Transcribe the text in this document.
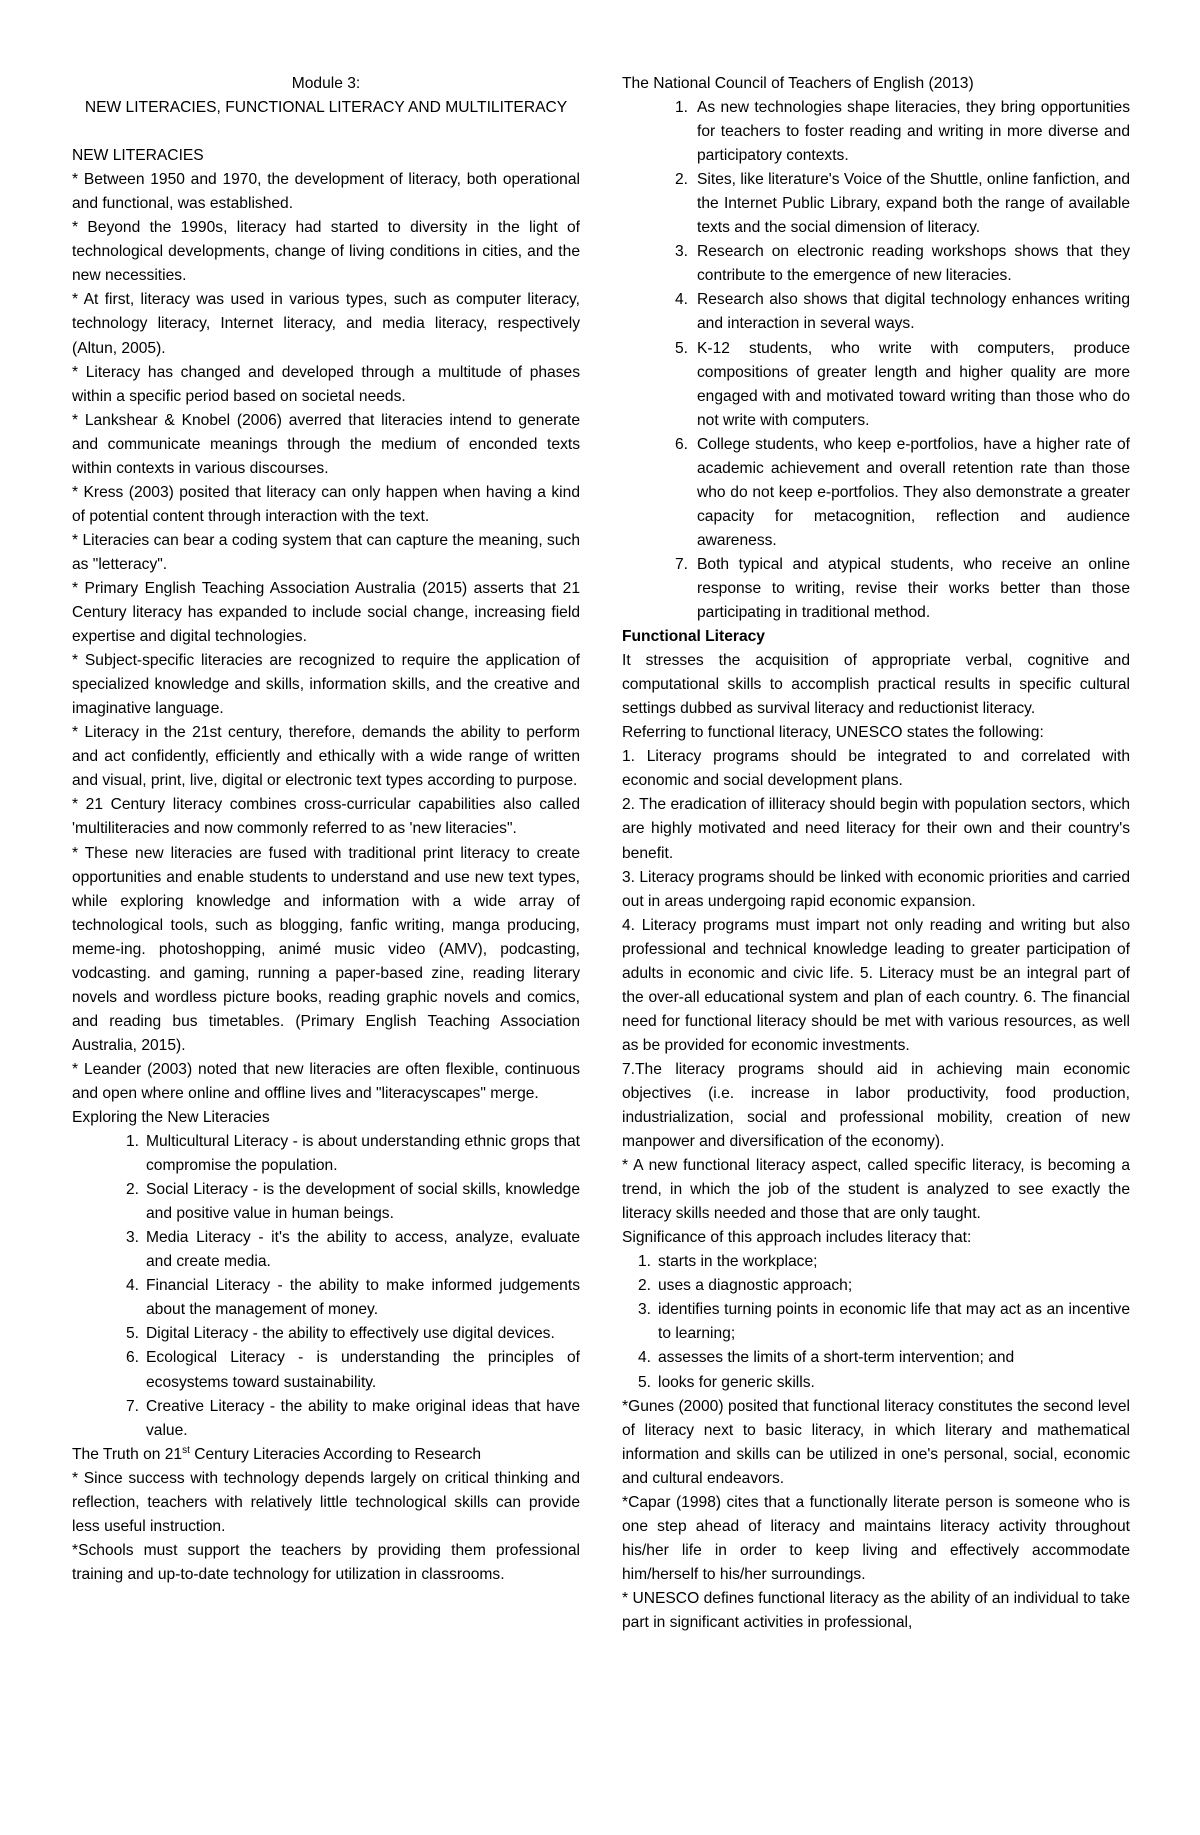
Module 3:

NEW LITERACIES, FUNCTIONAL LITERACY AND MULTILITERACY

NEW LITERACIES

* Between 1950 and 1970, the development of literacy, both operational and functional, was established.

* Beyond the 1990s, literacy had started to diversity in the light of technological developments, change of living conditions in cities, and the new necessities.

* At first, literacy was used in various types, such as computer literacy, technology literacy, Internet literacy, and media literacy, respectively (Altun, 2005).

* Literacy has changed and developed through a multitude of phases within a specific period based on societal needs.

* Lankshear & Knobel (2006) averred that literacies intend to generate and communicate meanings through the medium of enconded texts within contexts in various discourses.

* Kress (2003) posited that literacy can only happen when having a kind of potential content through interaction with the text.

* Literacies can bear a coding system that can capture the meaning, such as "letteracy".

* Primary English Teaching Association Australia (2015) asserts that 21 Century literacy has expanded to include social change, increasing field expertise and digital technologies.

* Subject-specific literacies are recognized to require the application of specialized knowledge and skills, information skills, and the creative and imaginative language.

* Literacy in the 21st century, therefore, demands the ability to perform and act confidently, efficiently and ethically with a wide range of written and visual, print, live, digital or electronic text types according to purpose.

* 21 Century literacy combines cross-curricular capabilities also called 'multiliteracies and now commonly referred to as 'new literacies".

* These new literacies are fused with traditional print literacy to create opportunities and enable students to understand and use new text types, while exploring knowledge and information with a wide array of technological tools, such as blogging, fanfic writing, manga producing, meme-ing. photoshopping, animé music video (AMV), podcasting, vodcasting. and gaming, running a paper-based zine, reading literary novels and wordless picture books, reading graphic novels and comics, and reading bus timetables. (Primary English Teaching Association Australia, 2015).

* Leander (2003) noted that new literacies are often flexible, continuous and open where online and offline lives and "literacyscapes" merge.

Exploring the New Literacies

1. Multicultural Literacy - is about understanding ethnic grops that compromise the population.
2. Social Literacy - is the development of social skills, knowledge and positive value in human beings.
3. Media Literacy - it's the ability to access, analyze, evaluate and create media.
4. Financial Literacy - the ability to make informed judgements about the management of money.
5. Digital Literacy - the ability to effectively use digital devices.
6. Ecological Literacy - is understanding the principles of ecosystems toward sustainability.
7. Creative Literacy - the ability to make original ideas that have value.

The Truth on 21st Century Literacies According to Research

* Since success with technology depends largely on critical thinking and reflection, teachers with relatively little technological skills can provide less useful instruction.

*Schools must support the teachers by providing them professional training and up-to-date technology for utilization in classrooms.

The National Council of Teachers of English (2013)

1. As new technologies shape literacies, they bring opportunities for teachers to foster reading and writing in more diverse and participatory contexts.
2. Sites, like literature's Voice of the Shuttle, online fanfiction, and the Internet Public Library, expand both the range of available texts and the social dimension of literacy.
3. Research on electronic reading workshops shows that they contribute to the emergence of new literacies.
4. Research also shows that digital technology enhances writing and interaction in several ways.
5. K-12 students, who write with computers, produce compositions of greater length and higher quality are more engaged with and motivated toward writing than those who do not write with computers.
6. College students, who keep e-portfolios, have a higher rate of academic achievement and overall retention rate than those who do not keep e-portfolios. They also demonstrate a greater capacity for metacognition, reflection and audience awareness.
7. Both typical and atypical students, who receive an online response to writing, revise their works better than those participating in traditional method.

Functional Literacy

It stresses the acquisition of appropriate verbal, cognitive and computational skills to accomplish practical results in specific cultural settings dubbed as survival literacy and reductionist literacy.

Referring to functional literacy, UNESCO states the following:

1. Literacy programs should be integrated to and correlated with economic and social development plans.

2. The eradication of illiteracy should begin with population sectors, which are highly motivated and need literacy for their own and their country's benefit.

3. Literacy programs should be linked with economic priorities and carried out in areas undergoing rapid economic expansion.

4. Literacy programs must impart not only reading and writing but also professional and technical knowledge leading to greater participation of adults in economic and civic life. 5. Literacy must be an integral part of the over-all educational system and plan of each country. 6. The financial need for functional literacy should be met with various resources, as well as be provided for economic investments.

7.The literacy programs should aid in achieving main economic objectives (i.e. increase in labor productivity, food production, industrialization, social and professional mobility, creation of new manpower and diversification of the economy).

* A new functional literacy aspect, called specific literacy, is becoming a trend, in which the job of the student is analyzed to see exactly the literacy skills needed and those that are only taught.

Significance of this approach includes literacy that:

1. starts in the workplace;
2. uses a diagnostic approach;
3. identifies turning points in economic life that may act as an incentive to learning;
4. assesses the limits of a short-term intervention; and
5. looks for generic skills.

*Gunes (2000) posited that functional literacy constitutes the second level of literacy next to basic literacy, in which literary and mathematical information and skills can be utilized in one's personal, social, economic and cultural endeavors.

*Capar (1998) cites that a functionally literate person is someone who is one step ahead of literacy and maintains literacy activity throughout his/her life in order to keep living and effectively accommodate him/herself to his/her surroundings.

* UNESCO defines functional literacy as the ability of an individual to take part in significant activities in professional,
